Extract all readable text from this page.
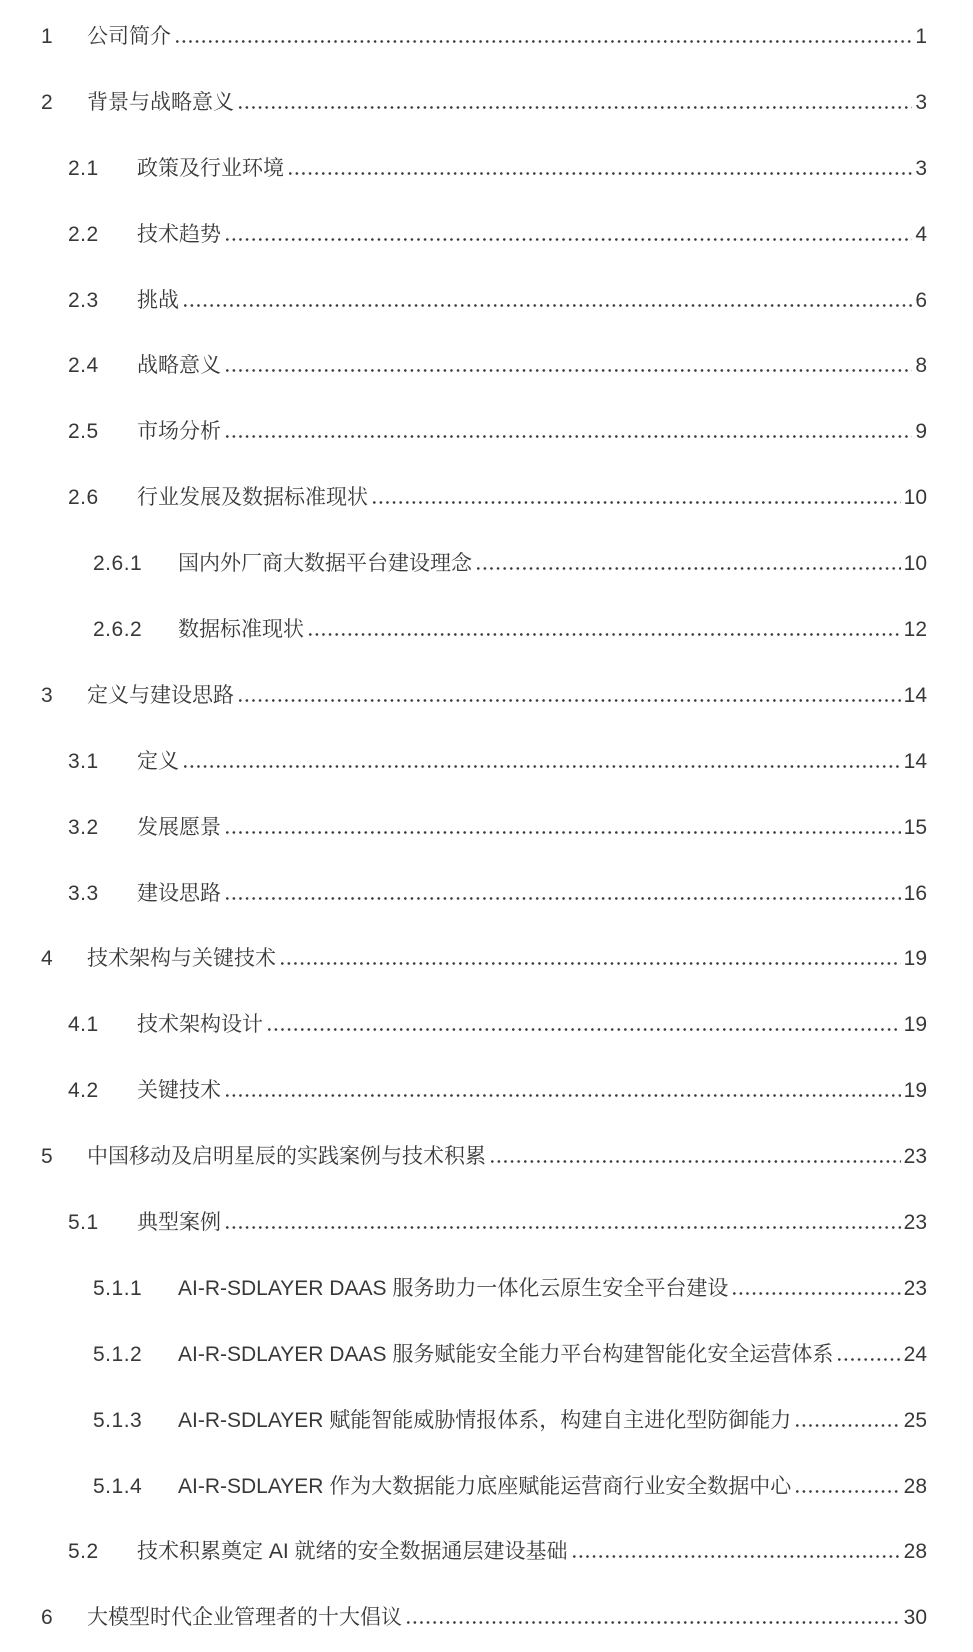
1	公司简介	1
2	背景与战略意义	3
2.1	政策及行业环境	3
2.2	技术趋势	4
2.3	挑战	6
2.4	战略意义	8
2.5	市场分析	9
2.6	行业发展及数据标准现状	10
2.6.1	国内外厂商大数据平台建设理念	10
2.6.2	数据标准现状	12
3	定义与建设思路	14
3.1	定义	14
3.2	发展愿景	15
3.3	建设思路	16
4	技术架构与关键技术	19
4.1	技术架构设计	19
4.2	关键技术	19
5	中国移动及启明星辰的实践案例与技术积累	23
5.1	典型案例	23
5.1.1	AI-R-SDLAYER DAAS 服务助力一体化云原生安全平台建设	23
5.1.2	AI-R-SDLAYER DAAS 服务赋能安全能力平台构建智能化安全运营体系	24
5.1.3	AI-R-SDLAYER 赋能智能威胁情报体系，构建自主进化型防御能力	25
5.1.4	AI-R-SDLAYER 作为大数据能力底座赋能运营商行业安全数据中心	28
5.2	技术积累奠定 AI 就绪的安全数据通层建设基础	28
6	大模型时代企业管理者的十大倡议	30
